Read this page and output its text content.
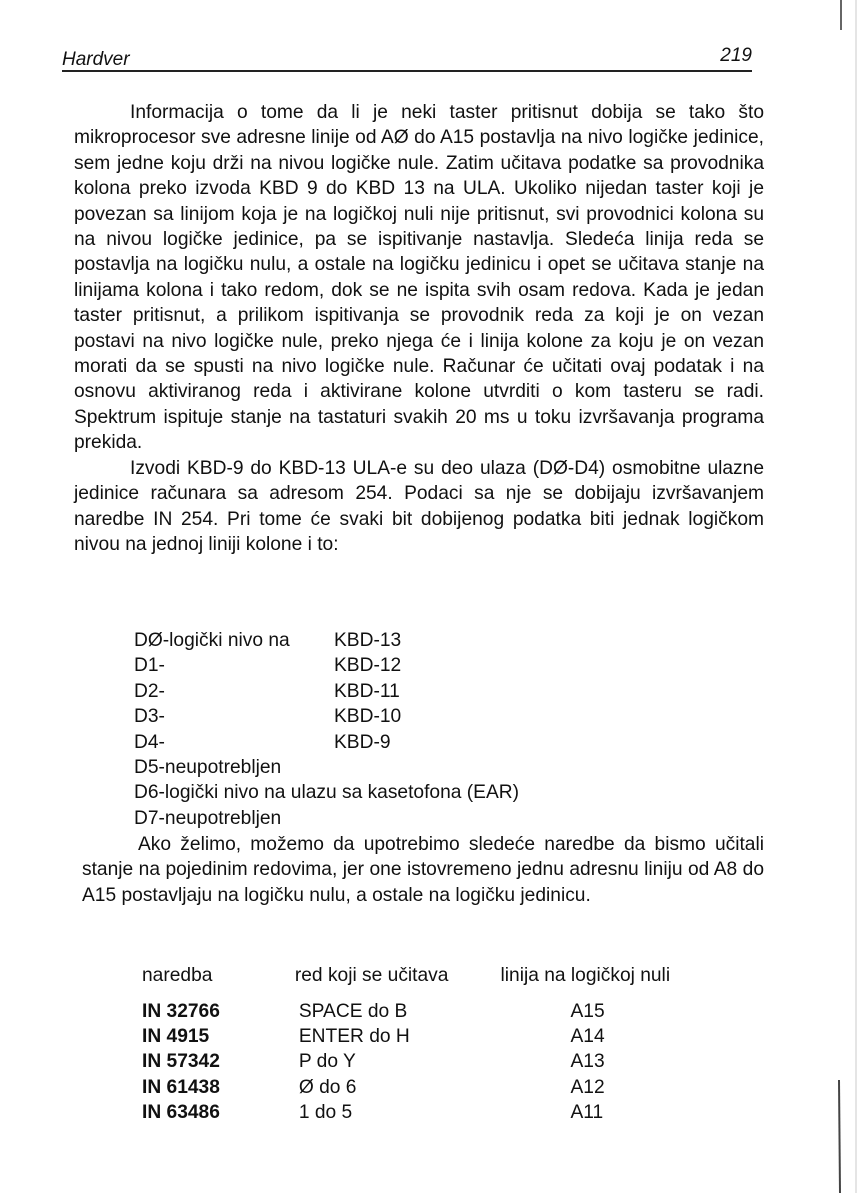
Hardver	219

Informacija o tome da li je neki taster pritisnut dobija se tako što mikroprocesor sve adresne linije od AØ do A15 postavlja na nivo logičke jedinice, sem jedne koju drži na nivou logičke nule. Zatim učitava podatke sa provodnika kolona preko izvoda KBD 9 do KBD 13 na ULA. Ukoliko nijedan taster koji je povezan sa linijom koja je na logičkoj nuli nije pritisnut, svi provodnici kolona su na nivou logičke jedinice, pa se ispitivanje nastavlja. Sledeća linija reda se postavlja na logičku nulu, a ostale na logičku jedinicu i opet se učitava stanje na linijama kolona i tako redom, dok se ne ispita svih osam redova. Kada je jedan taster pritisnut, a prilikom ispitivanja se provodnik reda za koji je on vezan postavi na nivo logičke nule, preko njega će i linija kolone za koju je on vezan morati da se spusti na nivo logičke nule. Računar će učitati ovaj podatak i na osnovu aktiviranog reda i aktivirane kolone utvrditi o kom tasteru se radi. Spektrum ispituje stanje na tastaturi svakih 20 ms u toku izvršavanja programa prekida.

Izvodi KBD-9 do KBD-13 ULA-e su deo ulaza (DØ-D4) osmobitne ulazne jedinice računara sa adresom 254. Podaci sa nje se dobijaju izvršavanjem naredbe IN 254. Pri tome će svaki bit dobijenog podatka biti jednak logičkom nivou na jednoj liniji kolone i to:

DØ-logički nivo na	KBD-13
D1-	KBD-12
D2-	KBD-11
D3-	KBD-10
D4-	KBD-9
D5-neupotrebljen
D6-logički nivo na ulazu sa kasetofona (EAR)
D7-neupotrebljen

Ako želimo, možemo da upotrebimo sledeće naredbe da bismo učitali stanje na pojedinim redovima, jer one istovremeno jednu adresnu liniju od A8 do A15 postavljaju na logičku nulu, a ostale na logičku jedinicu.

naredba	red koji se učitava	linija na logičkoj nuli
IN 32766	SPACE do B	A15
IN 4915	ENTER do H	A14
IN 57342	P do Y	A13
IN 61438	Ø do 6	A12
IN 63486	1 do 5	A11
